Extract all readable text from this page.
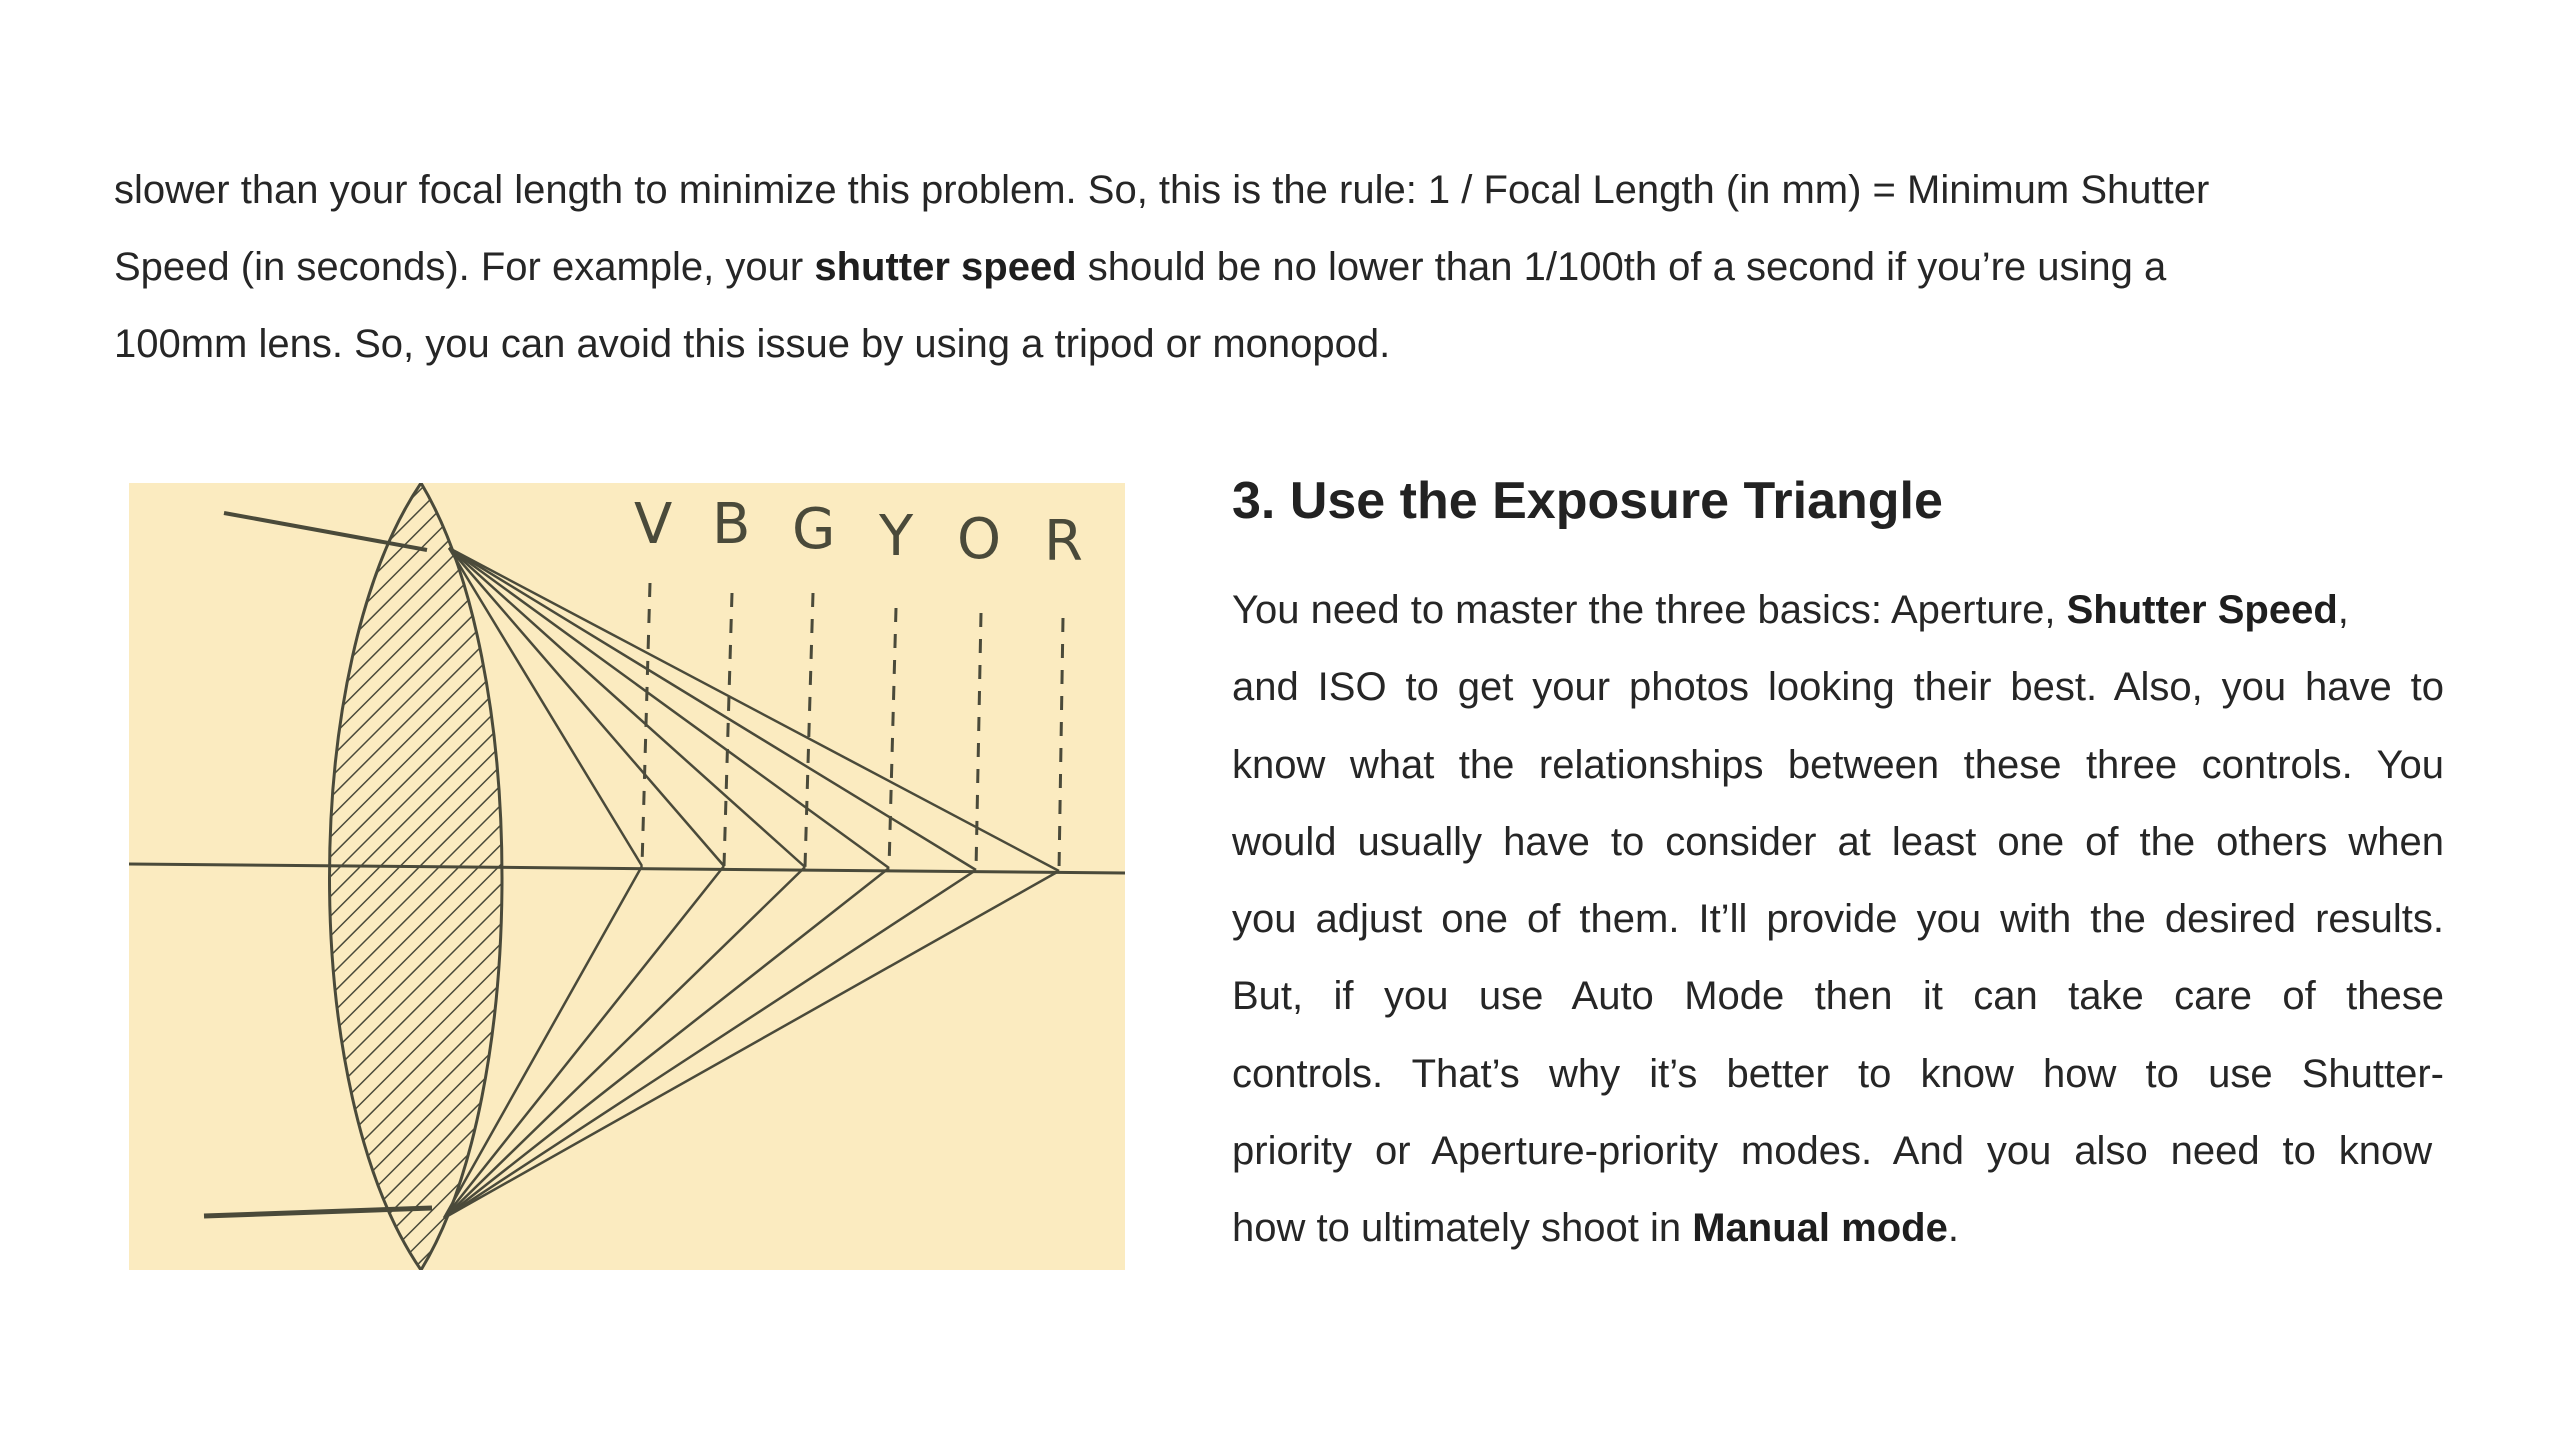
slower than your focal length to minimize this problem. So, this is the rule: 1 / Focal Length (in mm) = Minimum Shutter
Speed (in seconds). For example, your shutter speed should be no lower than 1/100th of a second if you’re using a
100mm lens. So, you can avoid this issue by using a tripod or monopod.

V B G Y O R
3. Use the Exposure Triangle

You need to master the three basics: Aperture, Shutter Speed,
and ISO to get your photos looking their best. Also, you have to
know what the relationships between these three controls. You
would usually have to consider at least one of the others when
you adjust one of them. It’ll provide you with the desired results.
But, if you use Auto Mode then it can take care of these
controls. That’s why it’s better to know how to use Shutter-
priority or Aperture-priority modes. And you also need to know
how to ultimately shoot in Manual mode.
